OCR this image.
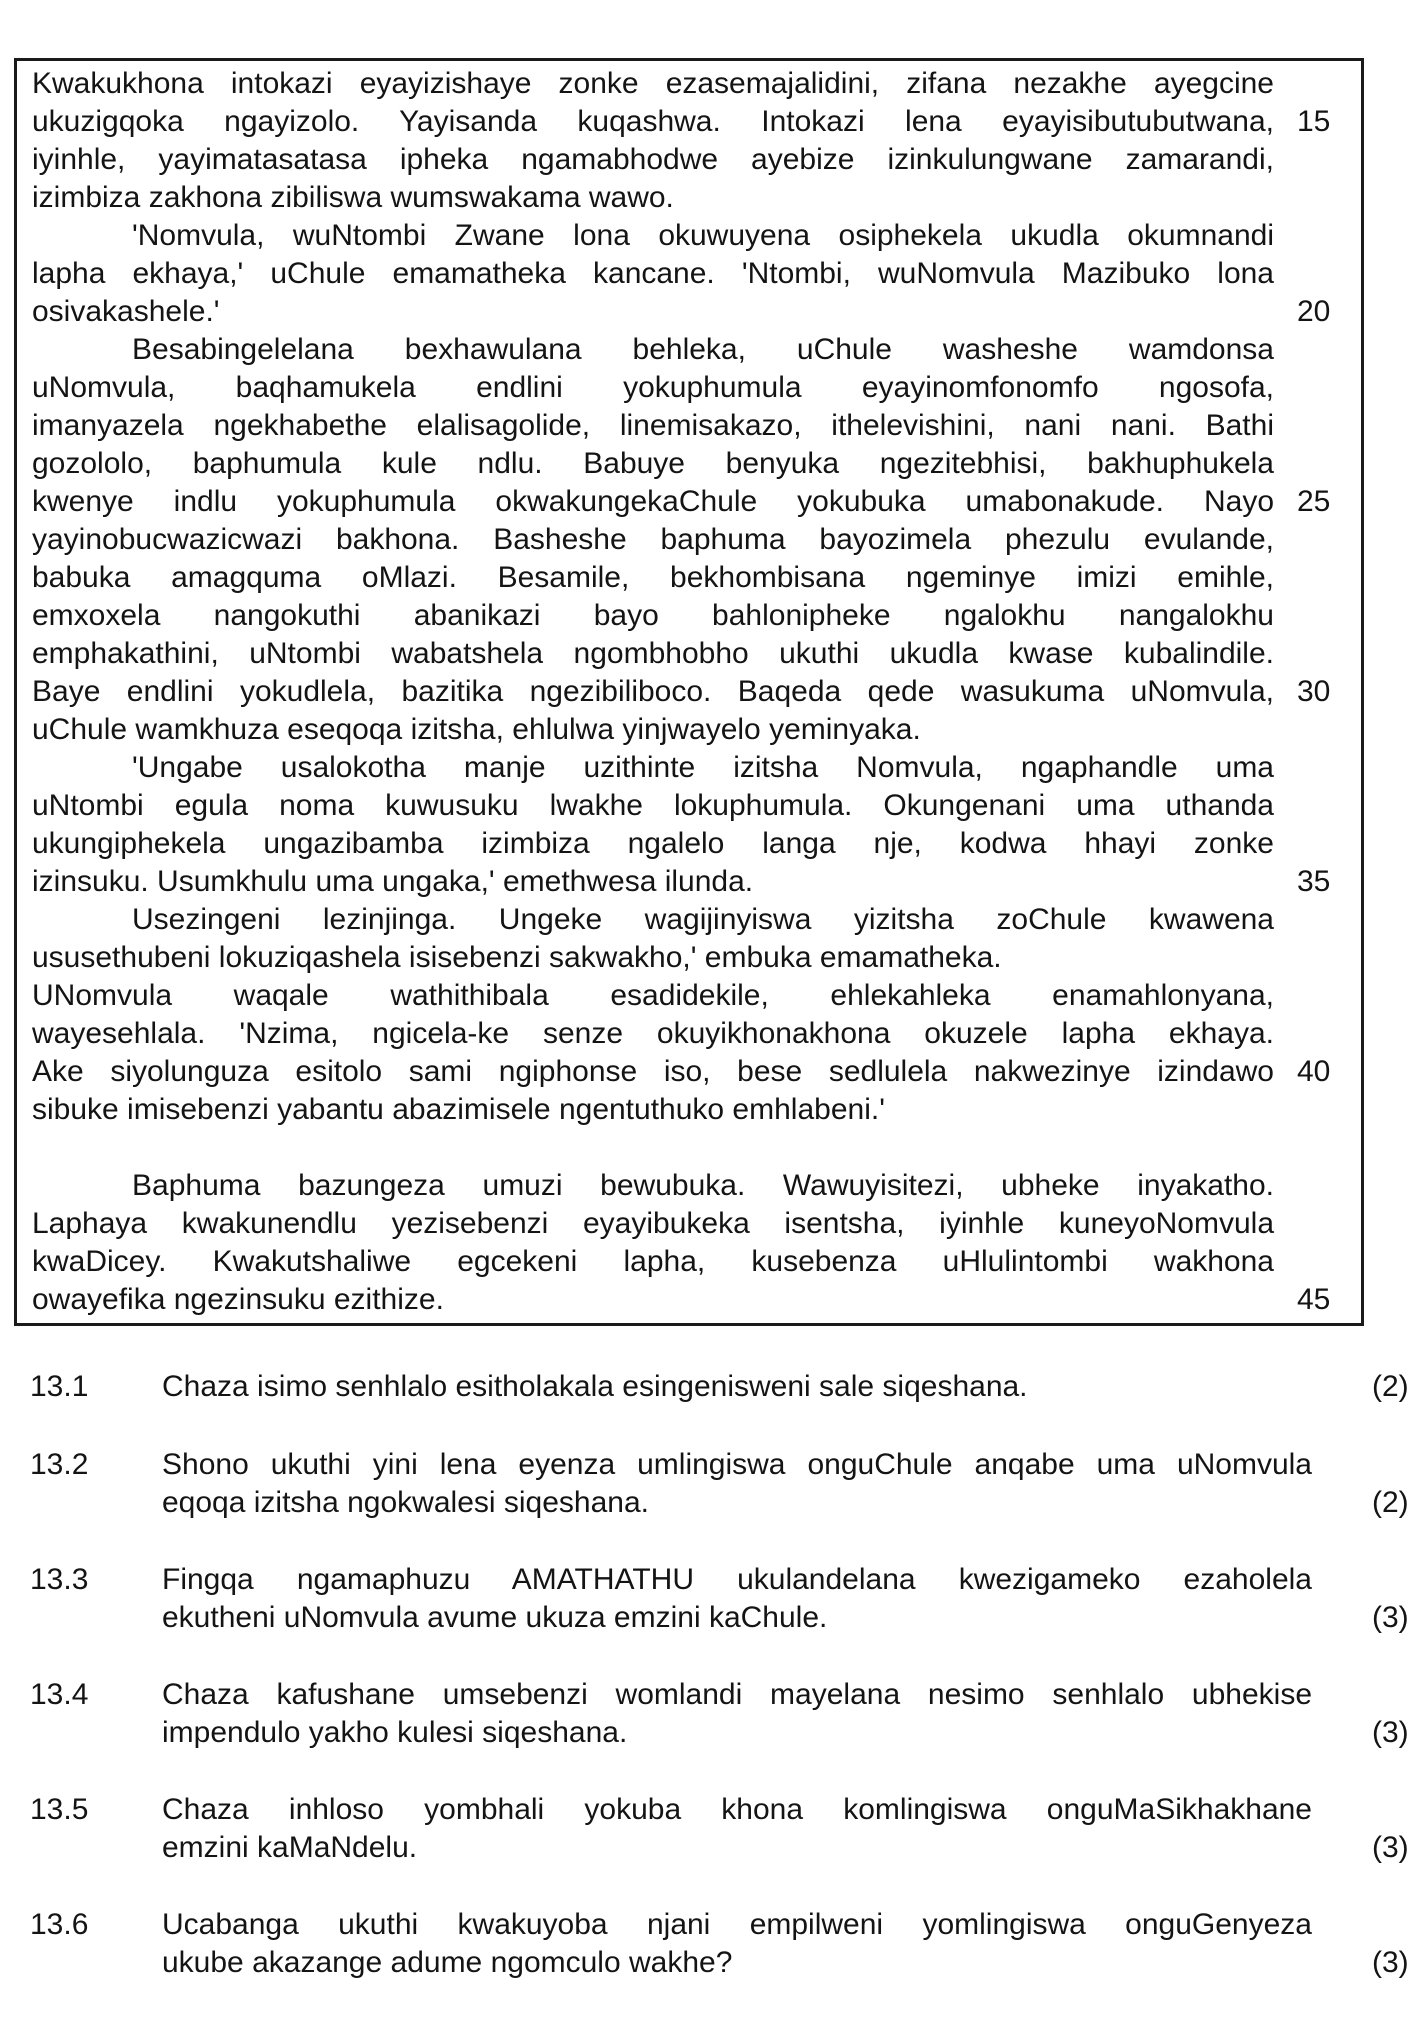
Kwakukhona intokazi eyayizishaye zonke ezasemajalidini, zifana nezakhe ayegcine
ukuzigqoka ngayizolo. Yayisanda kuqashwa. Intokazi lena eyayisibutubutwana,
iyinhle, yayimatasatasa ipheka ngamabhodwe ayebize izinkulungwane zamarandi,
izimbiza zakhona zibiliswa wumswakama wawo.
'Nomvula, wuNtombi Zwane lona okuwuyena osiphekela ukudla okumnandi
lapha ekhaya,' uChule emamatheka kancane. 'Ntombi, wuNomvula Mazibuko lona
osivakashele.'
Besabingelelana bexhawulana behleka, uChule washeshe wamdonsa
uNomvula, baqhamukela endlini yokuphumula eyayinomfonomfo ngosofa,
imanyazela ngekhabethe elalisagolide, linemisakazo, ithelevishini, nani nani. Bathi
gozololo, baphumula kule ndlu. Babuye benyuka ngezitebhisi, bakhuphukela
kwenye indlu yokuphumula okwakungekaChule yokubuka umabonakude. Nayo
yayinobucwazicwazi bakhona. Basheshe baphuma bayozimela phezulu evulande,
babuka amagquma oMlazi. Besamile, bekhombisana ngeminye imizi emihle,
emxoxela nangokuthi abanikazi bayo bahlonipheke ngalokhu nangalokhu
emphakathini, uNtombi wabatshela ngombhobho ukuthi ukudla kwase kubalindile.
Baye endlini yokudlela, bazitika ngezibiliboco. Baqeda qede wasukuma uNomvula,
uChule wamkhuza eseqoqa izitsha, ehlulwa yinjwayelo yeminyaka.
'Ungabe usalokotha manje uzithinte izitsha Nomvula, ngaphandle uma
uNtombi egula noma kuwusuku lwakhe lokuphumula. Okungenani uma uthanda
ukungiphekela ungazibamba izimbiza ngalelo langa nje, kodwa hhayi zonke
izinsuku. Usumkhulu uma ungaka,' emethwesa ilunda.
Usezingeni lezinjinga. Ungeke wagijinyiswa yizitsha zoChule kwawena
ususethubeni lokuziqashela isisebenzi sakwakho,' embuka emamatheka.
UNomvula waqale wathithibala esadidekile, ehlekahleka enamahlonyana,
wayesehlala. 'Nzima, ngicela-ke senze okuyikhonakhona okuzele lapha ekhaya.
Ake siyolunguza esitolo sami ngiphonse iso, bese sedlulela nakwezinye izindawo
sibuke imisebenzi yabantu abazimisele ngentuthuko emhlabeni.'
Baphuma bazungeza umuzi bewubuka. Wawuyisitezi, ubheke inyakatho.
Laphaya kwakunendlu yezisebenzi eyayibukeka isentsha, iyinhle kuneyoNomvula
kwaDicey. Kwakutshaliwe egcekeni lapha, kusebenza uHlulintombi wakhona
owayefika ngezinsuku ezithize.
15
20
25
30
35
40
45
13.1 Chaza isimo senhlalo esitholakala esingenisweni sale siqeshana.	(2)
13.2 Shono ukuthi yini lena eyenza umlingiswa onguChule anqabe uma uNomvula
eqoqa izitsha ngokwalesi siqeshana.	(2)
13.3 Fingqa ngamaphuzu AMATHATHU ukulandelana kwezigameko ezaholela
ekutheni uNomvula avume ukuza emzini kaChule.	(3)
13.4 Chaza kafushane umsebenzi womlandi mayelana nesimo senhlalo ubhekise
impendulo yakho kulesi siqeshana.	(3)
13.5 Chaza inhloso yombhali yokuba khona komlingiswa onguMaSikhakhane
emzini kaMaNdelu.	(3)
13.6 Ucabanga ukuthi kwakuyoba njani empilweni yomlingiswa onguGenyeza
ukube akazange adume ngomculo wakhe?	(3)
